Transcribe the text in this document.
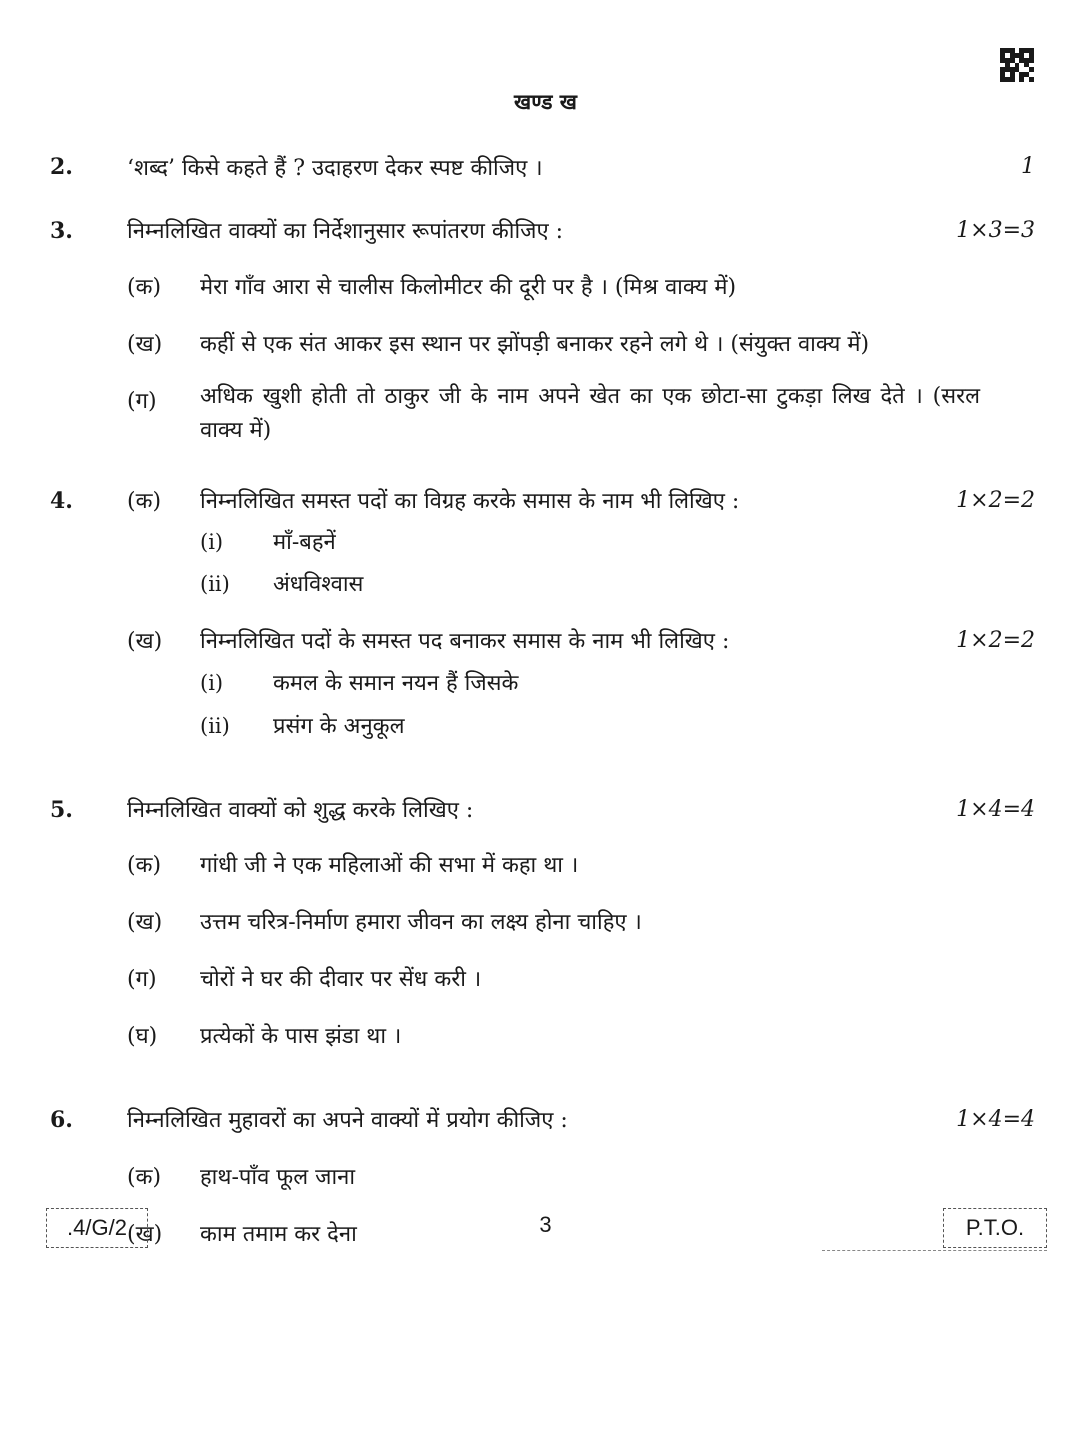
खण्ड ख
2. ‘शब्द’ किसे कहते हैं ? उदाहरण देकर स्पष्ट कीजिए ।	1
3. निम्नलिखित वाक्यों का निर्देशानुसार रूपांतरण कीजिए :	1×3=3
(क) मेरा गाँव आरा से चालीस किलोमीटर की दूरी पर है । (मिश्र वाक्य में)
(ख) कहीं से एक संत आकर इस स्थान पर झोंपड़ी बनाकर रहने लगे थे । (संयुक्त वाक्य में)
(ग) अधिक खुशी होती तो ठाकुर जी के नाम अपने खेत का एक छोटा-सा टुकड़ा लिख देते । (सरल वाक्य में)
4. (क) निम्नलिखित समस्त पदों का विग्रह करके समास के नाम भी लिखिए :	1×2=2
(i) माँ-बहनें
(ii) अंधविश्वास
(ख) निम्नलिखित पदों के समस्त पद बनाकर समास के नाम भी लिखिए :	1×2=2
(i) कमल के समान नयन हैं जिसके
(ii) प्रसंग के अनुकूल
5. निम्नलिखित वाक्यों को शुद्ध करके लिखिए :	1×4=4
(क) गांधी जी ने एक महिलाओं की सभा में कहा था ।
(ख) उत्तम चरित्र-निर्माण हमारा जीवन का लक्ष्य होना चाहिए ।
(ग) चोरों ने घर की दीवार पर सेंध करी ।
(घ) प्रत्येकों के पास झंडा था ।
6. निम्नलिखित मुहावरों का अपने वाक्यों में प्रयोग कीजिए :	1×4=4
(क) हाथ-पाँव फूल जाना
(ख) काम तमाम कर देना
.4/G/2	3	P.T.O.
